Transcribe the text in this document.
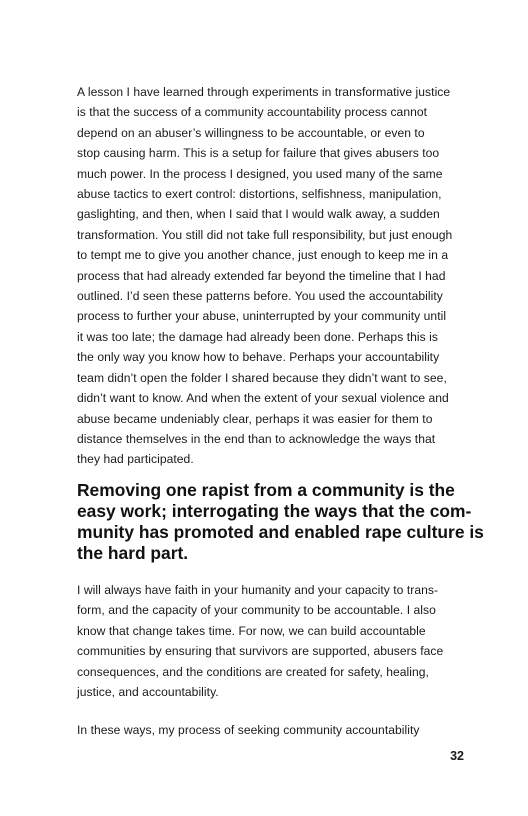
A lesson I have learned through experiments in transformative justice
is that the success of a community accountability process cannot
depend on an abuser’s willingness to be accountable, or even to
stop causing harm. This is a setup for failure that gives abusers too
much power. In the process I designed, you used many of the same
abuse tactics to exert control: distortions, selfishness, manipulation,
gaslighting, and then, when I said that I would walk away, a sudden
transformation. You still did not take full responsibility, but just enough
to tempt me to give you another chance, just enough to keep me in a
process that had already extended far beyond the timeline that I had
outlined. I’d seen these patterns before. You used the accountability
process to further your abuse, uninterrupted by your community until
it was too late; the damage had already been done. Perhaps this is
the only way you know how to behave. Perhaps your accountability
team didn’t open the folder I shared because they didn’t want to see,
didn’t want to know. And when the extent of your sexual violence and
abuse became undeniably clear, perhaps it was easier for them to
distance themselves in the end than to acknowledge the ways that
they had participated.

Removing one rapist from a community is the
easy work; interrogating the ways that the com-
munity has promoted and enabled rape culture is
the hard part.

I will always have faith in your humanity and your capacity to trans-
form, and the capacity of your community to be accountable. I also
know that change takes time. For now, we can build accountable
communities by ensuring that survivors are supported, abusers face
consequences, and the conditions are created for safety, healing,
justice, and accountability.

In these ways, my process of seeking community accountability

32
